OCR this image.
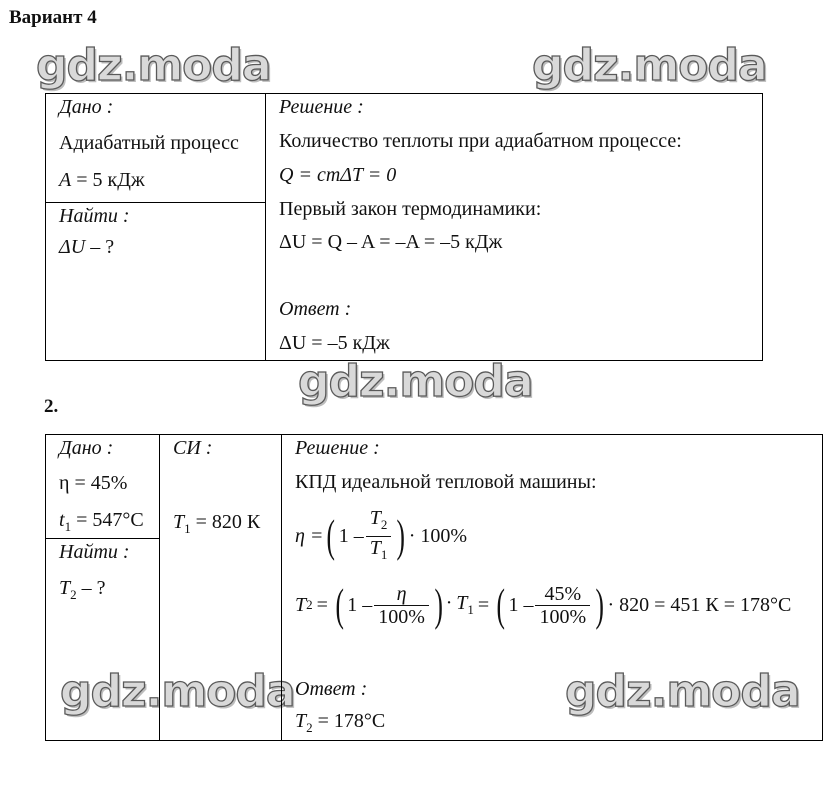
Вариант 4
gdz.moda	gdz.moda
gdz.moda
gdz.moda	gdz.moda
Дано :
Адиабатный процесс
A = 5 кДж
Найти :
ΔU – ?
Решение :
Количество теплоты при адиабатном процессе:
Q = cmΔT = 0
Первый закон термодинамики:
ΔU = Q – A = –A = –5 кДж
Ответ :
ΔU = –5 кДж
2.
Дано :
η = 45%
$t_1 = 547^\circ C$
Найти :
$T_2$ – ?
СИ :
$T_1 = 820$ К
Решение :
КПД идеальной тепловой машины:
η = ( $1 - \frac{T_2}{T_1}$ ) · 100%
T 2 = ( $1 - \frac{\eta}{100\%}$ ) · $T_1$ = ( $1 - \frac{45\%}{100\%}$ ) · 820 = 451 К = 178°C
Ответ :
$T_2 = 178^\circ C$
